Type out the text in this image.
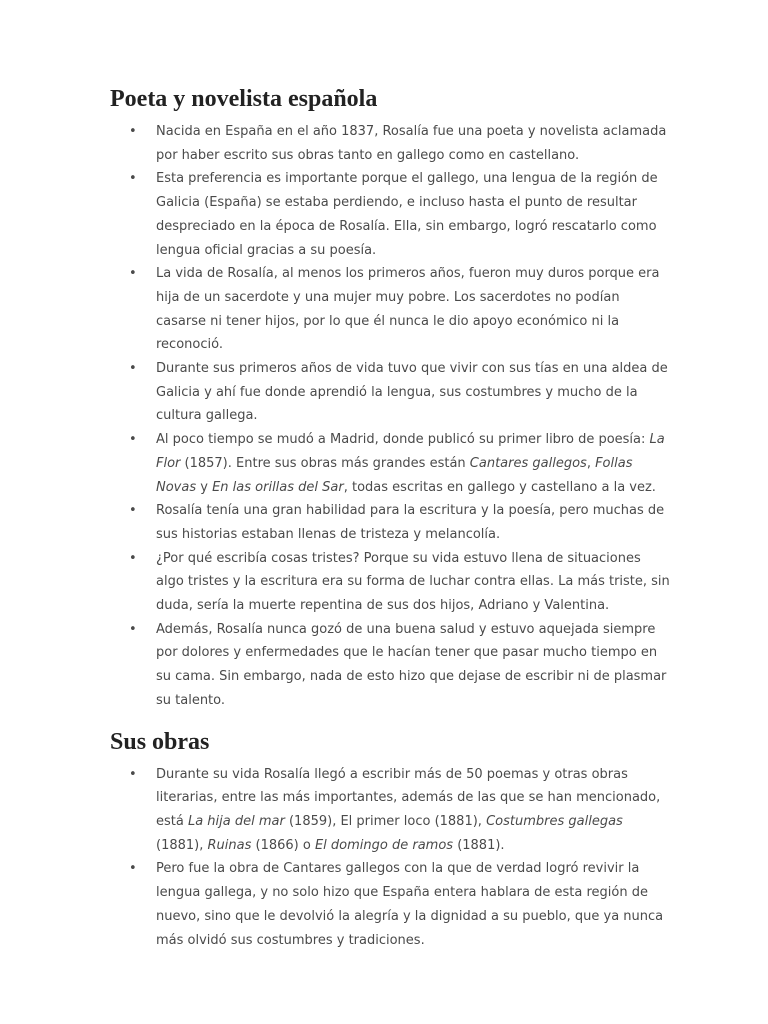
Poeta y novelista española
• Nacida en España en el año 1837, Rosalía fue una poeta y novelista aclamada por haber escrito sus obras tanto en gallego como en castellano.
• Esta preferencia es importante porque el gallego, una lengua de la región de Galicia (España) se estaba perdiendo, e incluso hasta el punto de resultar despreciado en la época de Rosalía. Ella, sin embargo, logró rescatarlo como lengua oficial gracias a su poesía.
• La vida de Rosalía, al menos los primeros años, fueron muy duros porque era hija de un sacerdote y una mujer muy pobre. Los sacerdotes no podían casarse ni tener hijos, por lo que él nunca le dio apoyo económico ni la reconoció.
• Durante sus primeros años de vida tuvo que vivir con sus tías en una aldea de Galicia y ahí fue donde aprendió la lengua, sus costumbres y mucho de la cultura gallega.
• Al poco tiempo se mudó a Madrid, donde publicó su primer libro de poesía: La Flor (1857). Entre sus obras más grandes están Cantares gallegos, Follas Novas y En las orillas del Sar, todas escritas en gallego y castellano a la vez.
• Rosalía tenía una gran habilidad para la escritura y la poesía, pero muchas de sus historias estaban llenas de tristeza y melancolía.
• ¿Por qué escribía cosas tristes? Porque su vida estuvo llena de situaciones algo tristes y la escritura era su forma de luchar contra ellas. La más triste, sin duda, sería la muerte repentina de sus dos hijos, Adriano y Valentina.
• Además, Rosalía nunca gozó de una buena salud y estuvo aquejada siempre por dolores y enfermedades que le hacían tener que pasar mucho tiempo en su cama. Sin embargo, nada de esto hizo que dejase de escribir ni de plasmar su talento.
Sus obras
• Durante su vida Rosalía llegó a escribir más de 50 poemas y otras obras literarias, entre las más importantes, además de las que se han mencionado, está La hija del mar (1859), El primer loco (1881), Costumbres gallegas (1881), Ruinas (1866) o El domingo de ramos (1881).
• Pero fue la obra de Cantares gallegos con la que de verdad logró revivir la lengua gallega, y no solo hizo que España entera hablara de esta región de nuevo, sino que le devolvió la alegría y la dignidad a su pueblo, que ya nunca más olvidó sus costumbres y tradiciones.
